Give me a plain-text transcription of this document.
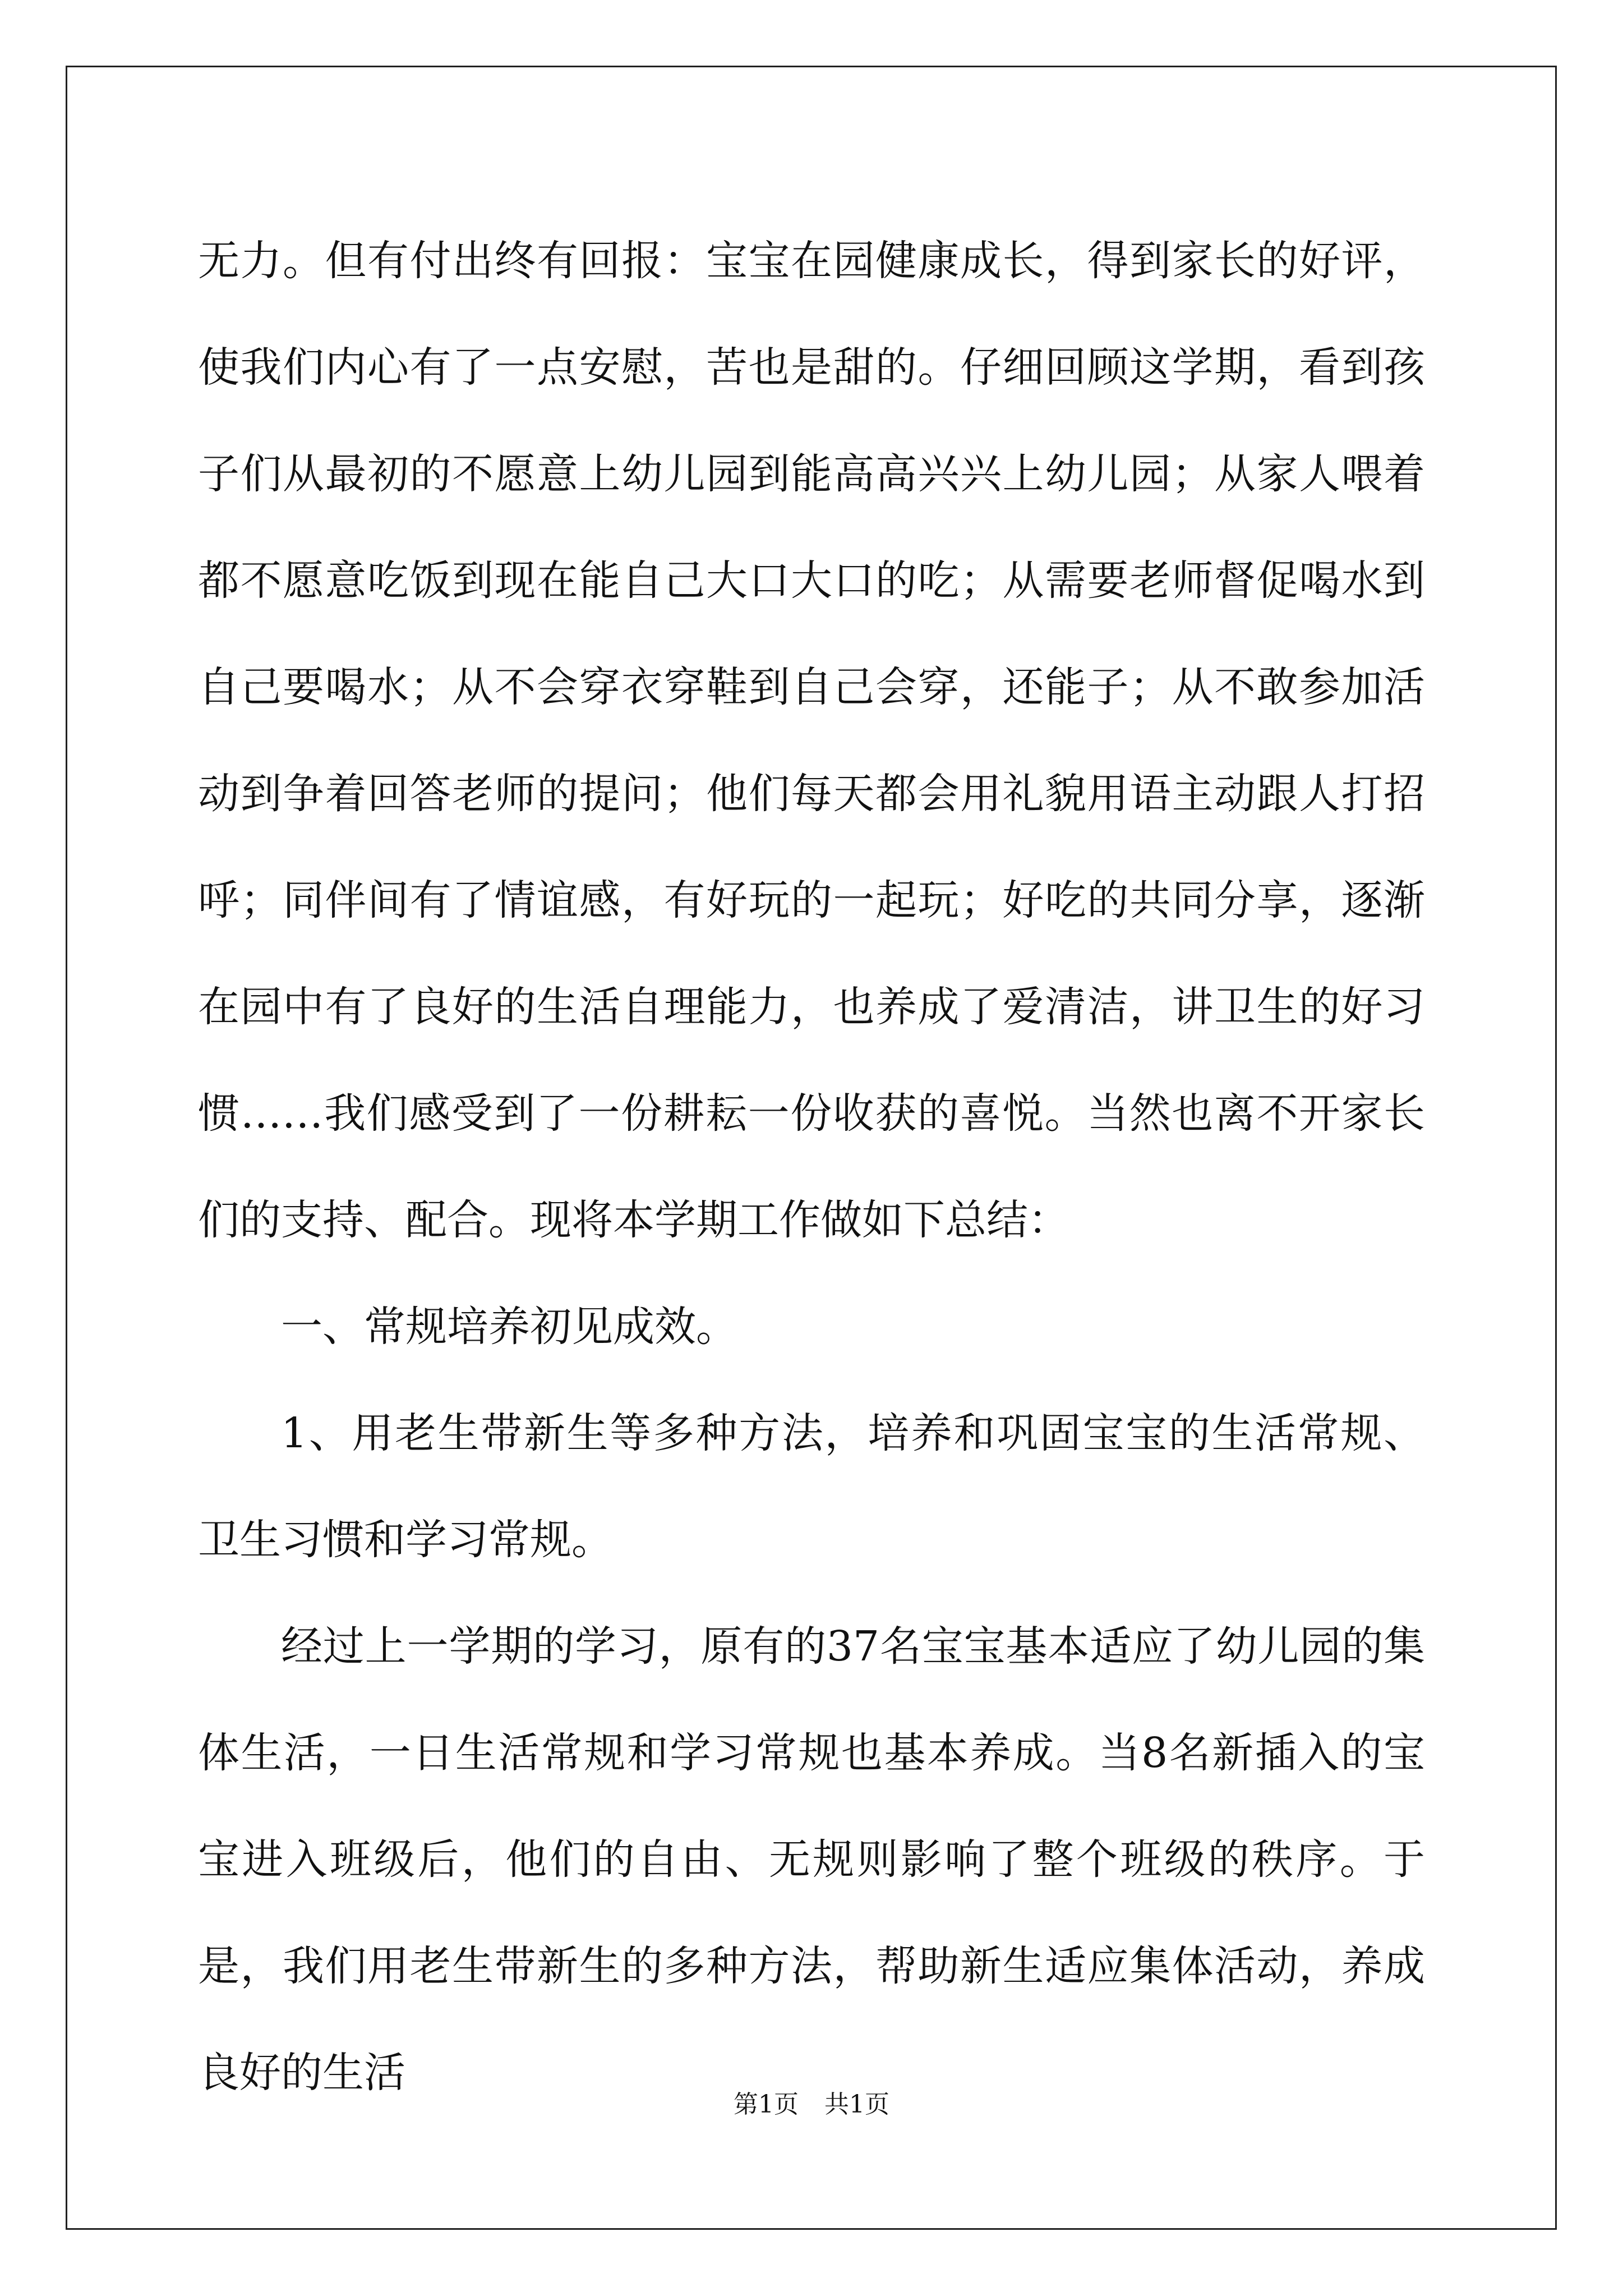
无力。但有付出终有回报：宝宝在园健康成长，得到家长的好评，使我们内心有了一点安慰，苦也是甜的。仔细回顾这学期，看到孩子们从最初的不愿意上幼儿园到能高高兴兴上幼儿园；从家人喂着都不愿意吃饭到现在能自己大口大口的吃；从需要老师督促喝水到自己要喝水；从不会穿衣穿鞋到自己会穿，还能子；从不敢参加活动到争着回答老师的提问；他们每天都会用礼貌用语主动跟人打招呼；同伴间有了情谊感，有好玩的一起玩；好吃的共同分享，逐渐在园中有了良好的生活自理能力，也养成了爱清洁，讲卫生的好习惯……我们感受到了一份耕耘一份收获的喜悦。当然也离不开家长们的支持、配合。现将本学期工作做如下总结：

一、常规培养初见成效。

1、用老生带新生等多种方法，培养和巩固宝宝的生活常规、卫生习惯和学习常规。

经过上一学期的学习，原有的37名宝宝基本适应了幼儿园的集体生活，一日生活常规和学习常规也基本养成。当8名新插入的宝宝进入班级后，他们的自由、无规则影响了整个班级的秩序。于是，我们用老生带新生的多种方法，帮助新生适应集体活动，养成良好的生活

第1页 共1页
